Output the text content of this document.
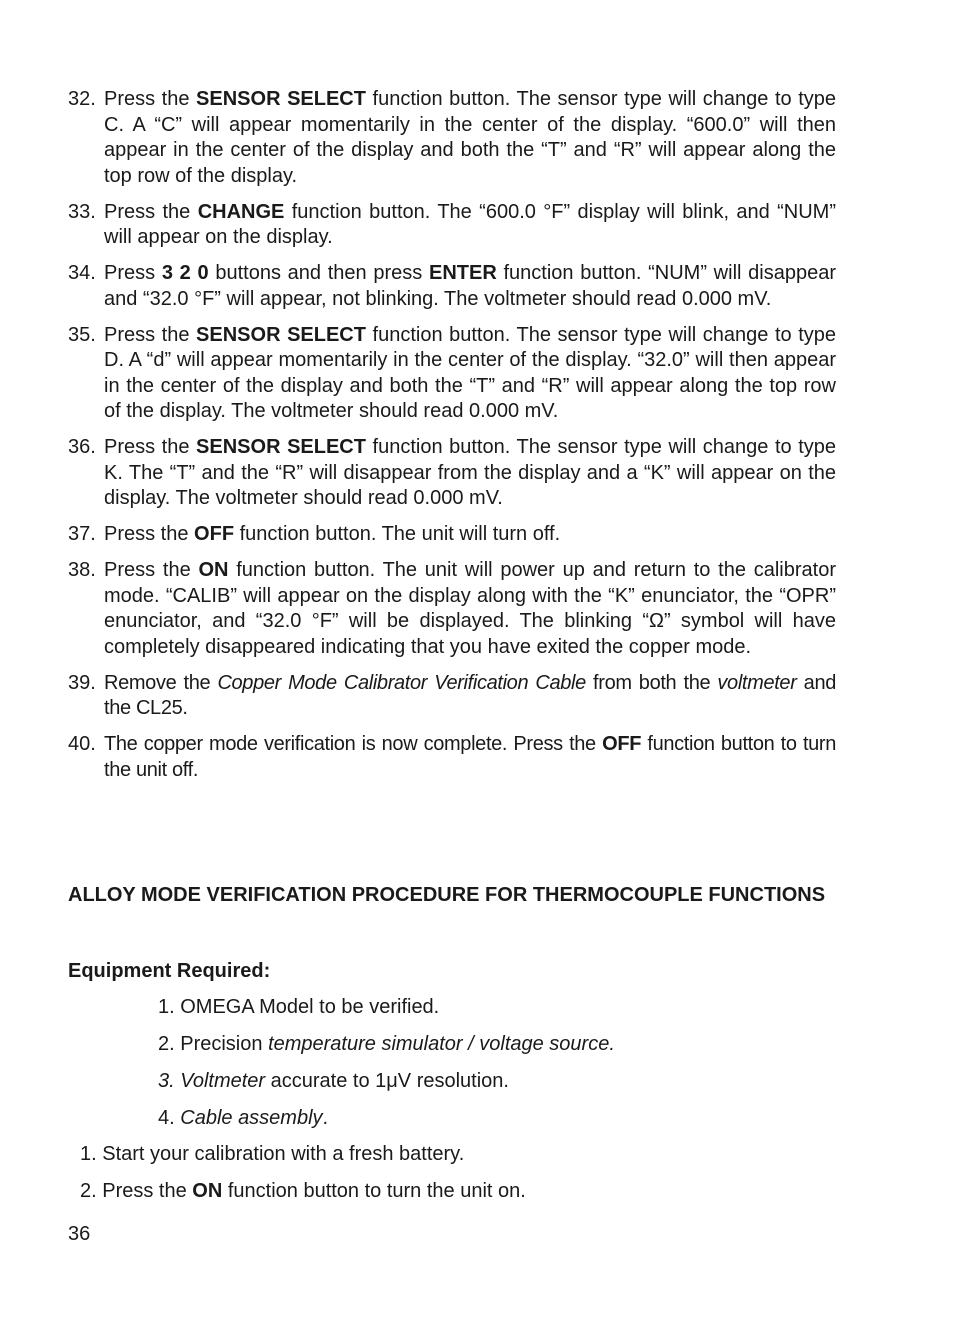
32. Press the SENSOR SELECT function button. The sensor type will change to type C. A “C” will appear momentarily in the center of the display. “600.0” will then appear in the center of the display and both the “T” and “R” will appear along the top row of the display.
33. Press the CHANGE function button. The “600.0 °F” display will blink, and “NUM” will appear on the display.
34. Press 3 2 0 buttons and then press ENTER function button. “NUM” will disappear and “32.0 °F” will appear, not blinking. The voltmeter should read 0.000 mV.
35. Press the SENSOR SELECT function button. The sensor type will change to type D. A “d” will appear momentarily in the center of the display. “32.0” will then appear in the center of the display and both the “T” and “R” will appear along the top row of the display. The voltmeter should read 0.000 mV.
36. Press the SENSOR SELECT function button. The sensor type will change to type K. The “T” and the “R” will disappear from the display and a “K” will appear on the display. The voltmeter should read 0.000 mV.
37. Press the OFF function button. The unit will turn off.
38. Press the ON function button. The unit will power up and return to the calibrator mode. “CALIB” will appear on the display along with the “K” enunciator, the “OPR” enunciator, and “32.0 °F” will be displayed. The blinking “Ω” symbol will have completely disappeared indicating that you have exited the copper mode.
39. Remove the Copper Mode Calibrator Verification Cable from both the voltmeter and the CL25.
40. The copper mode verification is now complete. Press the OFF function button to turn the unit off.
ALLOY MODE VERIFICATION PROCEDURE FOR THERMOCOUPLE FUNCTIONS
Equipment Required:
1. OMEGA Model to be verified.
2. Precision temperature simulator / voltage source.
3. Voltmeter accurate to 1μV resolution.
4. Cable assembly.
1. Start your calibration with a fresh battery.
2. Press the ON function button to turn the unit on.
36
